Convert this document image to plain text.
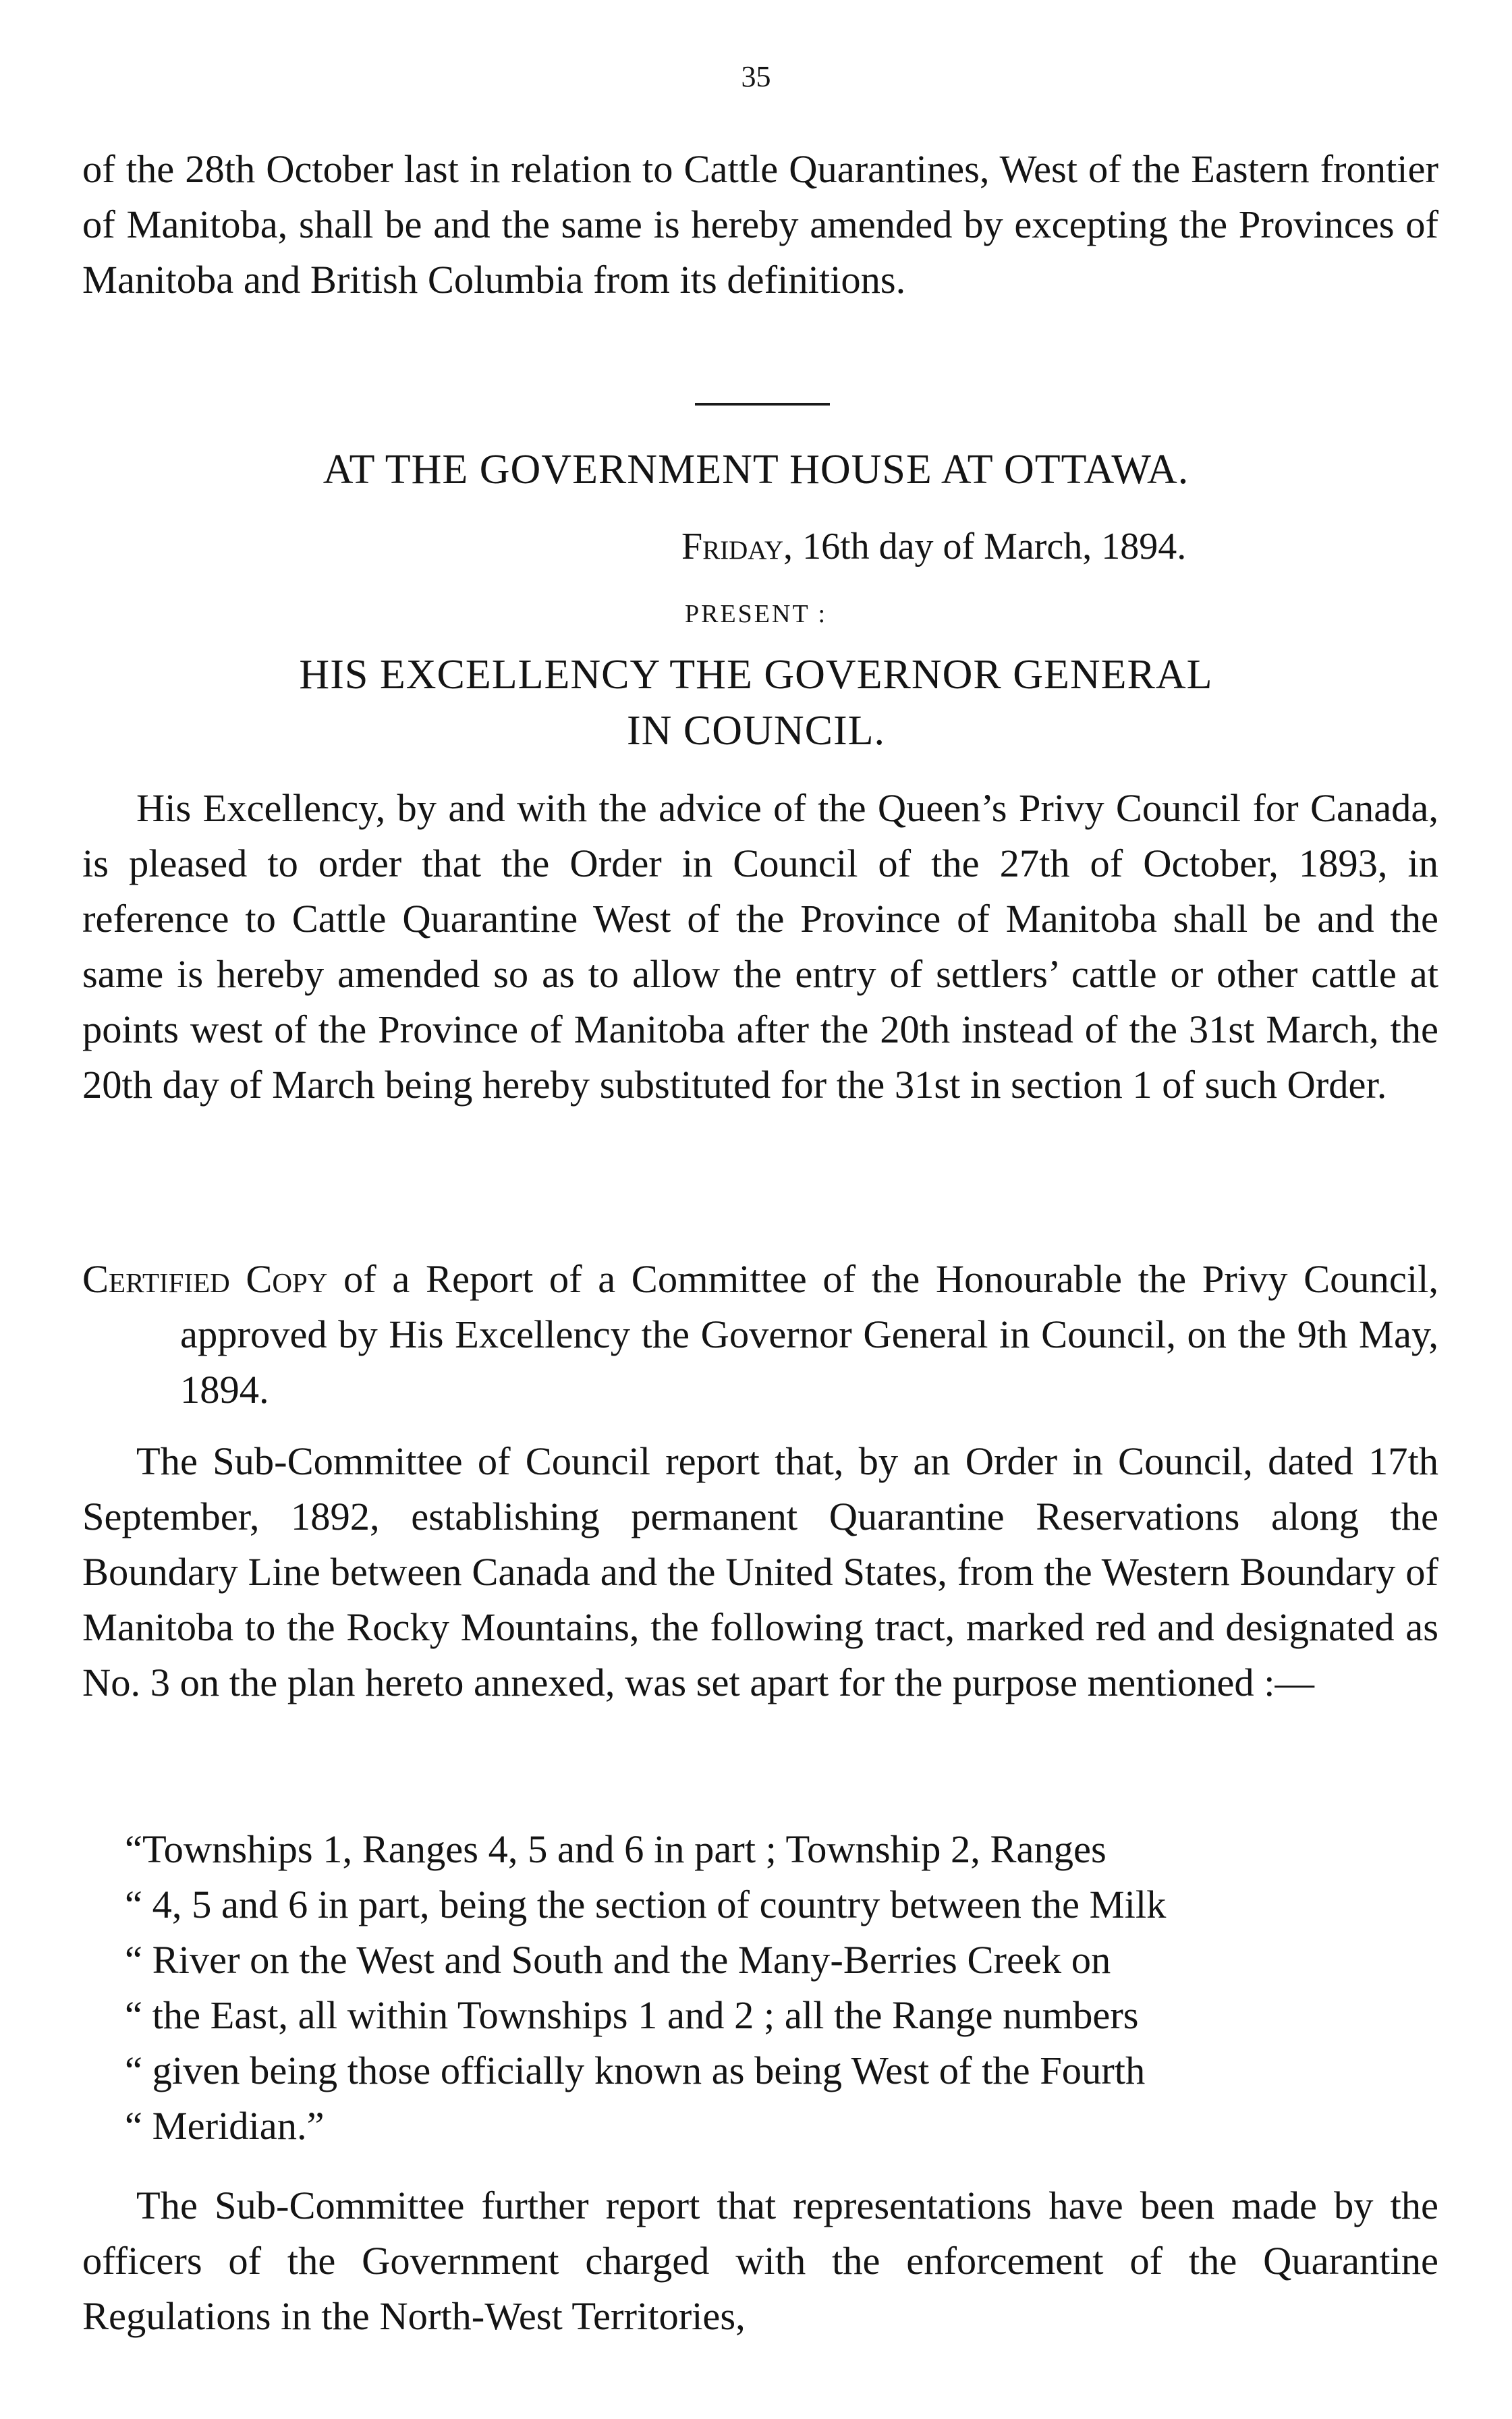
35

of the 28th October last in relation to Cattle Quarantines, West of the Eastern frontier of Manitoba, shall be and the same is hereby amended by excepting the Provinces of Manitoba and British Columbia from its definitions.

AT THE GOVERNMENT HOUSE AT OTTAWA.
Friday, 16th day of March, 1894.
PRESENT :
HIS EXCELLENCY THE GOVERNOR GENERAL
IN COUNCIL.

His Excellency, by and with the advice of the Queen’s Privy Council for Canada, is pleased to order that the Order in Council of the 27th of October, 1893, in reference to Cattle Quarantine West of the Province of Manitoba shall be and the same is hereby amended so as to allow the entry of settlers’ cattle or other cattle at points west of the Province of Manitoba after the 20th instead of the 31st March, the 20th day of March being hereby substituted for the 31st in section 1 of such Order.

Certified Copy of a Report of a Committee of the Honourable the Privy Council, approved by His Excellency the Governor General in Council, on the 9th May, 1894.

The Sub-Committee of Council report that, by an Order in Council, dated 17th September, 1892, establishing permanent Quarantine Reservations along the Boundary Line between Canada and the United States, from the Western Boundary of Manitoba to the Rocky Mountains, the following tract, marked red and designated as No. 3 on the plan hereto annexed, was set apart for the purpose mentioned :—

“Townships 1, Ranges 4, 5 and 6 in part ; Township 2, Ranges

“ 4, 5 and 6 in part, being the section of country between the Milk

“ River on the West and South and the Many-Berries Creek on

“ the East, all within Townships 1 and 2 ; all the Range numbers

“ given being those officially known as being West of the Fourth

“ Meridian.”

The Sub-Committee further report that representations have been made by the officers of the Government charged with the enforcement of the Quarantine Regulations in the North-West Territories,
